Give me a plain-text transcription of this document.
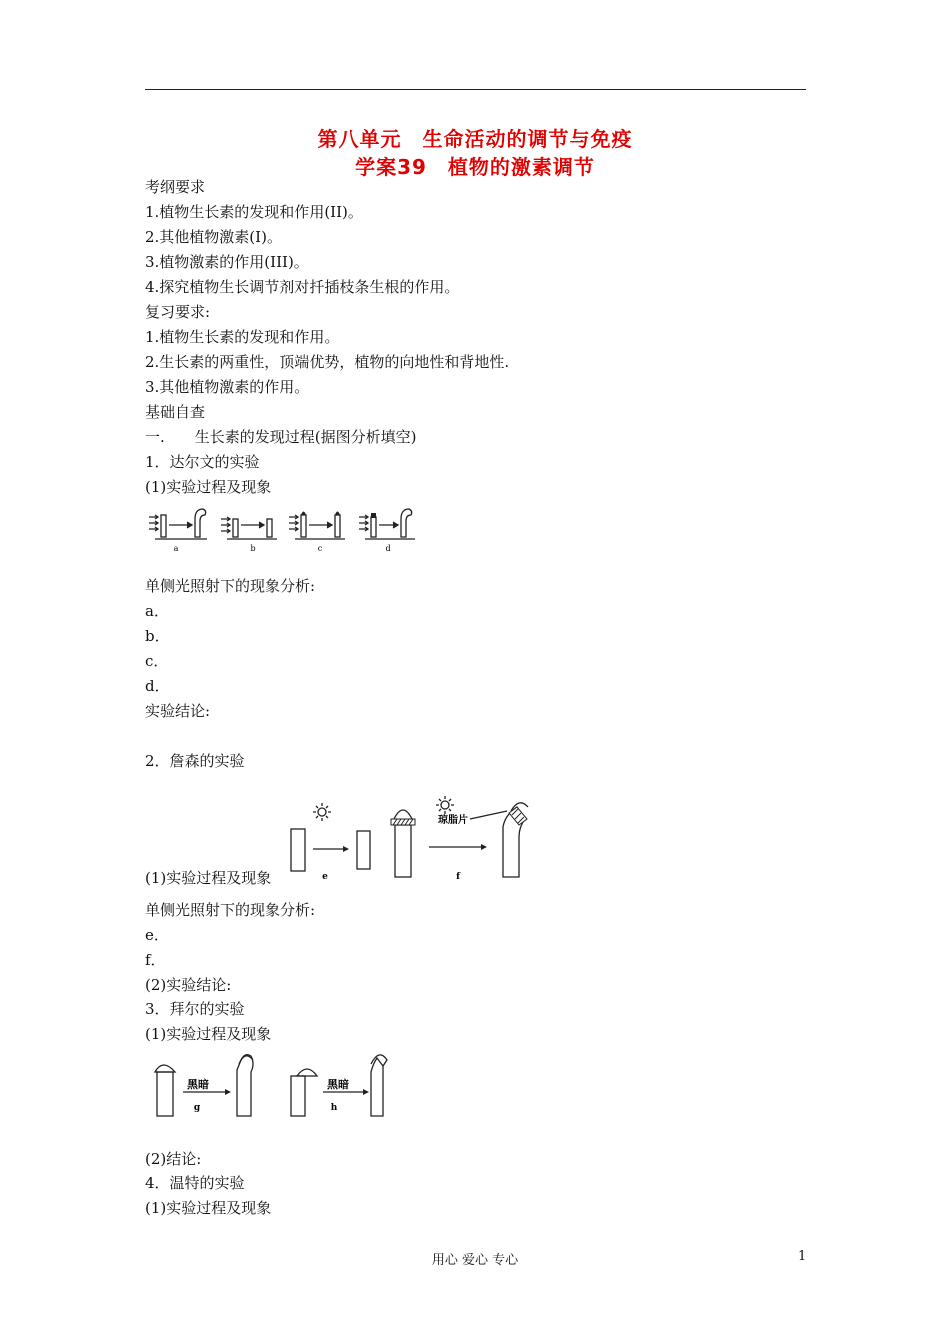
第八单元　生命活动的调节与免疫
学案39　植物的激素调节
考纲要求
1.植物生长素的发现和作用(II)。
2.其他植物激素(I)。
3.植物激素的作用(III)。
4.探究植物生长调节剂对扦插枝条生根的作用。
复习要求:
1.植物生长素的发现和作用。
2.生长素的两重性，顶端优势，植物的向地性和背地性.
3.其他植物激素的作用。
基础自查
一.　　生长素的发现过程(据图分析填空)
1．达尔文的实验
(1)实验过程及现象
a	b	c	d
单侧光照射下的现象分析:
a．
b．
c．
d．
实验结论:
2．詹森的实验
琼脂片
e	f
(1)实验过程及现象
单侧光照射下的现象分析:
e．
f．
(2)实验结论:
3．拜尔的实验
(1)实验过程及现象
黑暗
g
黑暗
h
(2)结论:
4．温特的实验
(1)实验过程及现象
用心 爱心 专心	1
